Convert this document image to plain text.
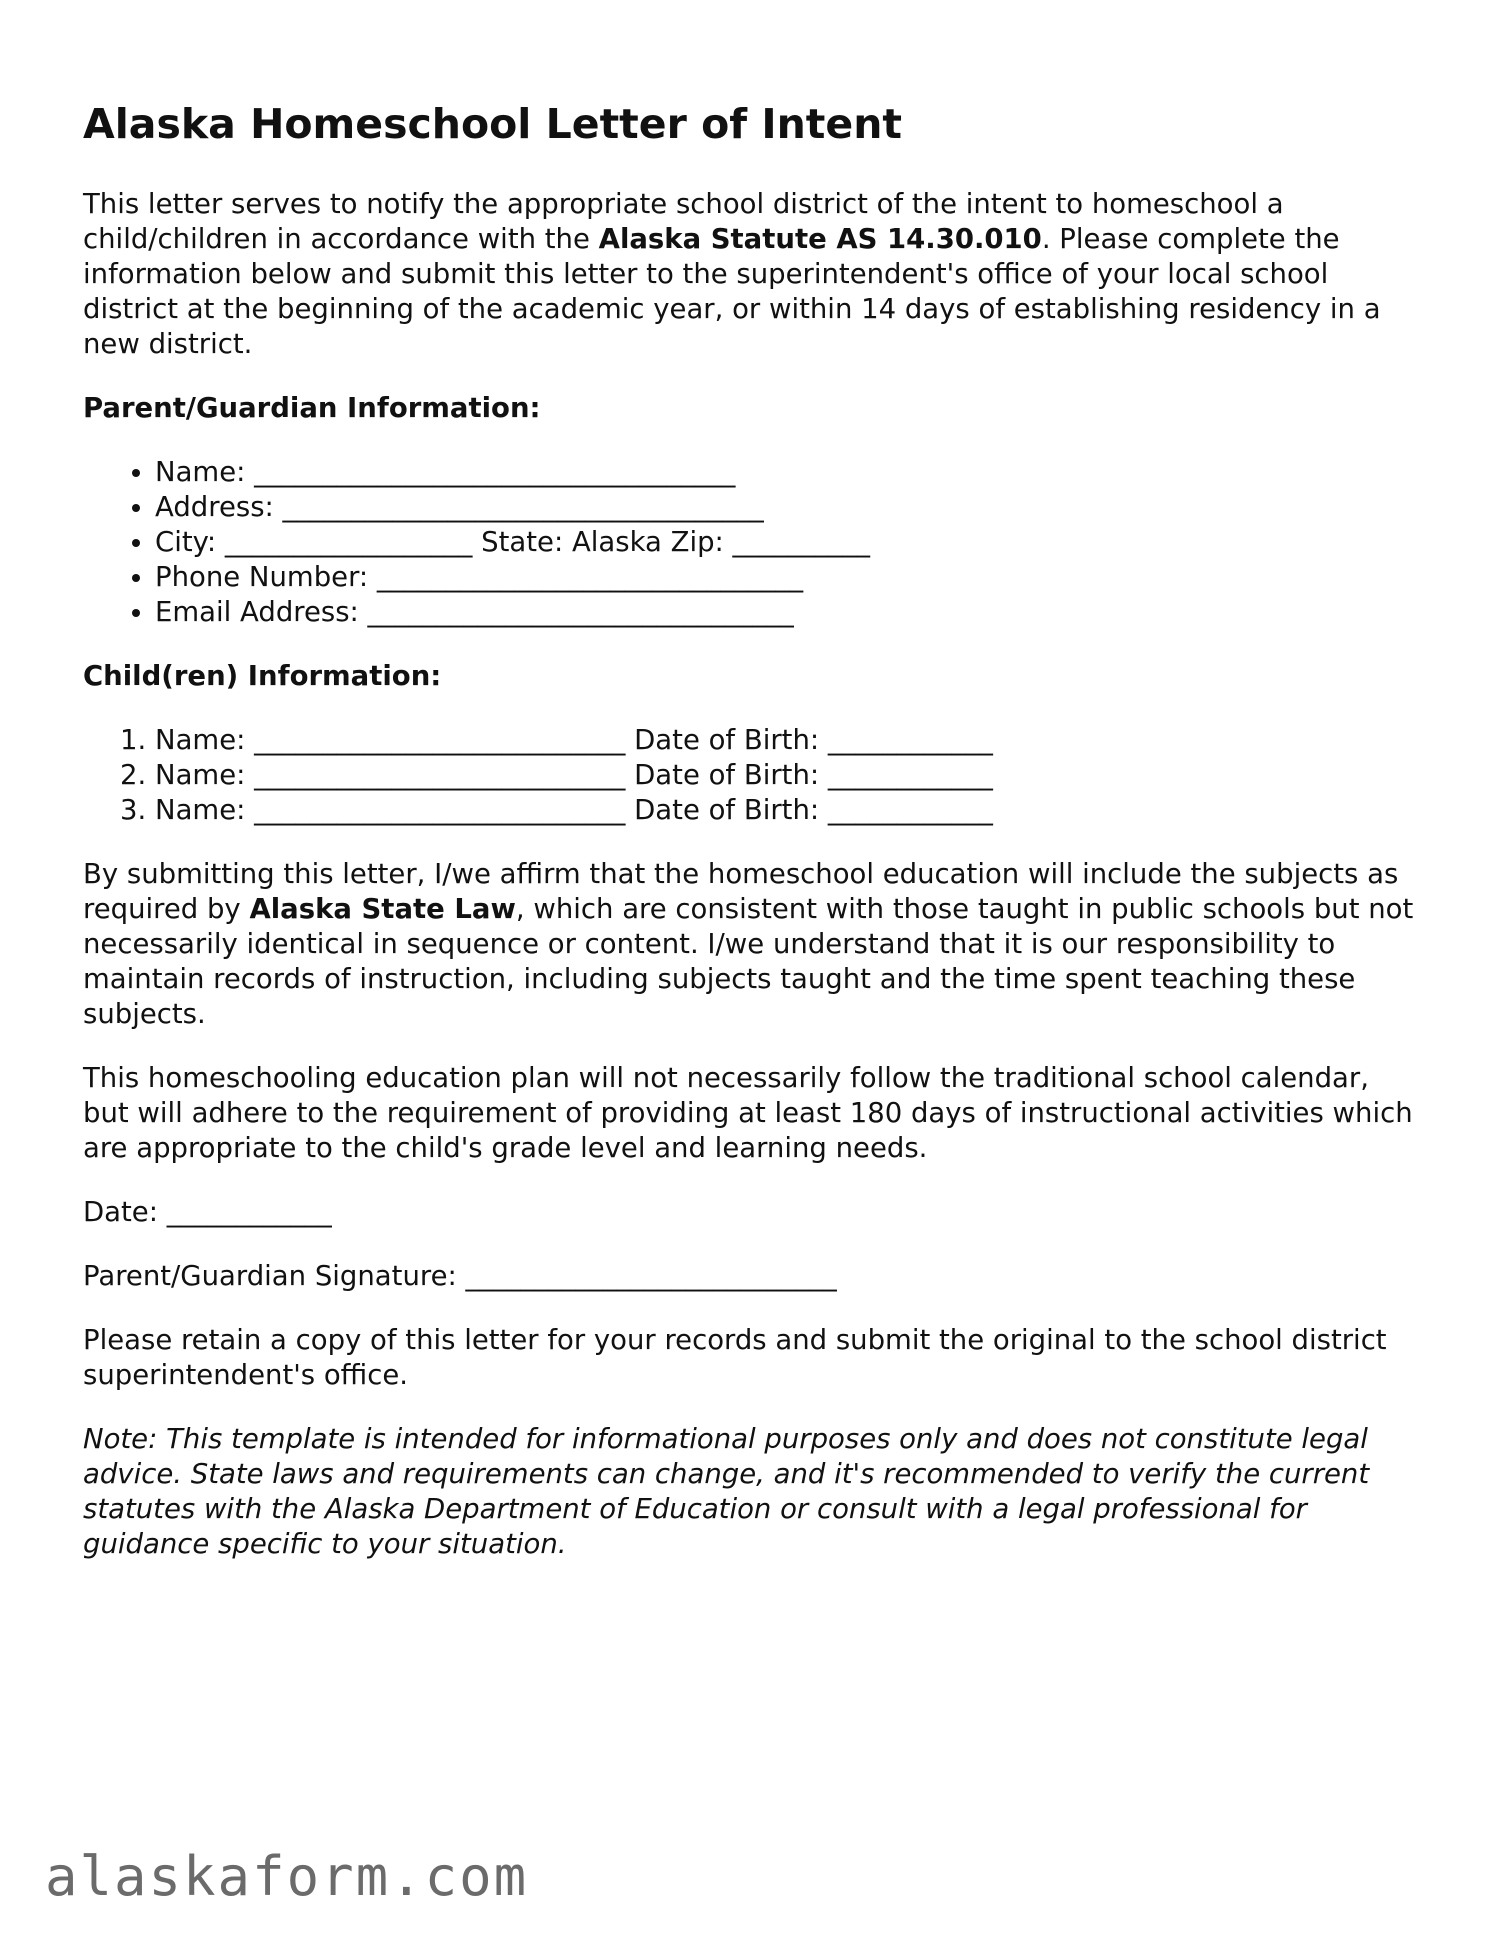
Alaska Homeschool Letter of Intent

This letter serves to notify the appropriate school district of the intent to homeschool a child/children in accordance with the Alaska Statute AS 14.30.010. Please complete the information below and submit this letter to the superintendent's office of your local school district at the beginning of the academic year, or within 14 days of establishing residency in a new district.

Parent/Guardian Information:

• Name: ___________________________________
• Address: ___________________________________
• City: __________________ State: Alaska Zip: __________
• Phone Number: _______________________________
• Email Address: _______________________________

Child(ren) Information:

1. Name: ___________________________ Date of Birth: ____________
2. Name: ___________________________ Date of Birth: ____________
3. Name: ___________________________ Date of Birth: ____________

By submitting this letter, I/we affirm that the homeschool education will include the subjects as required by Alaska State Law, which are consistent with those taught in public schools but not necessarily identical in sequence or content. I/we understand that it is our responsibility to maintain records of instruction, including subjects taught and the time spent teaching these subjects.

This homeschooling education plan will not necessarily follow the traditional school calendar, but will adhere to the requirement of providing at least 180 days of instructional activities which are appropriate to the child's grade level and learning needs.

Date: ____________

Parent/Guardian Signature: ___________________________

Please retain a copy of this letter for your records and submit the original to the school district superintendent's office.

Note: This template is intended for informational purposes only and does not constitute legal advice. State laws and requirements can change, and it's recommended to verify the current statutes with the Alaska Department of Education or consult with a legal professional for guidance specific to your situation.

alaskaform.com
